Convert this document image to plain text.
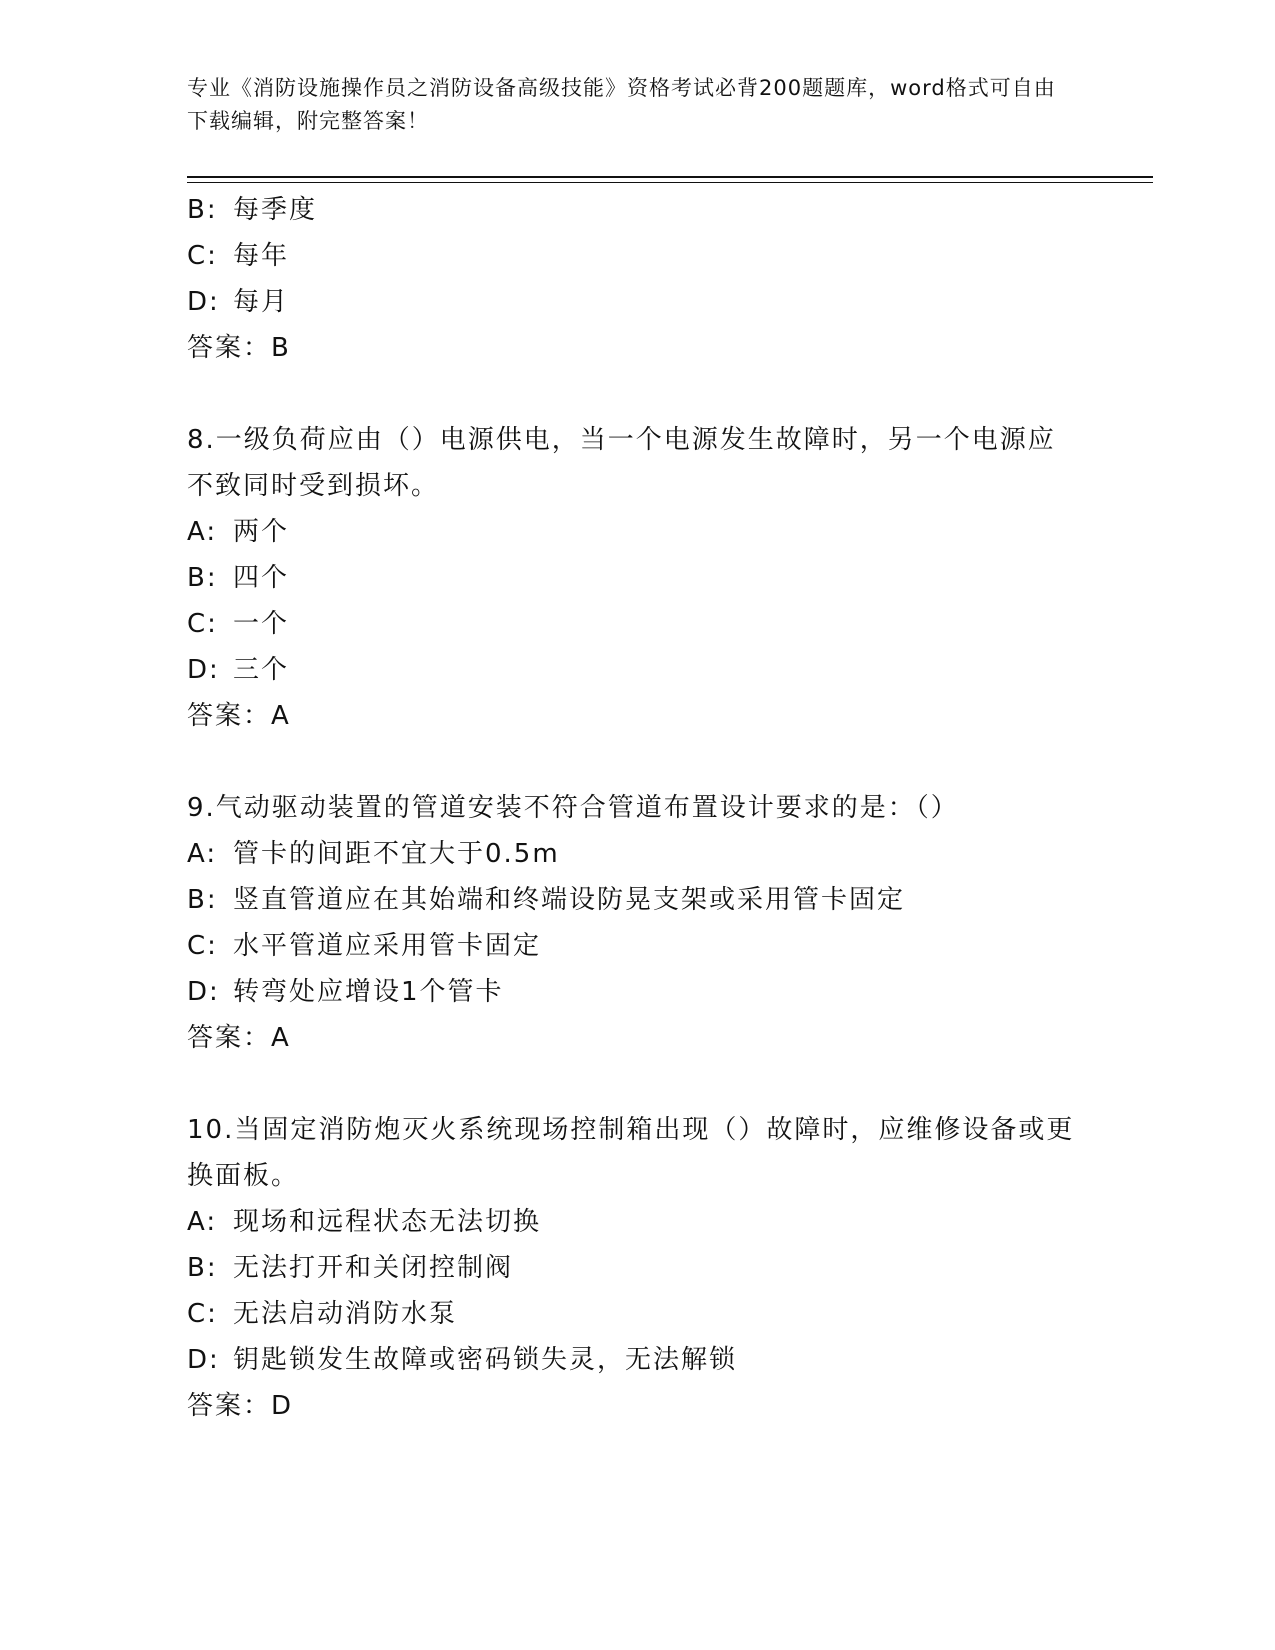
专业《消防设施操作员之消防设备高级技能》资格考试必背200题题库，word格式可自由下载编辑，附完整答案！
B: 每季度
C: 每年
D: 每月
答案：B
8.一级负荷应由（）电源供电，当一个电源发生故障时，另一个电源应不致同时受到损坏。
A: 两个
B: 四个
C: 一个
D: 三个
答案：A
9.气动驱动装置的管道安装不符合管道布置设计要求的是：（）
A: 管卡的间距不宜大于0.5m
B: 竖直管道应在其始端和终端设防晃支架或采用管卡固定
C: 水平管道应采用管卡固定
D: 转弯处应增设1个管卡
答案：A
10.当固定消防炮灭火系统现场控制箱出现（）故障时，应维修设备或更换面板。
A: 现场和远程状态无法切换
B: 无法打开和关闭控制阀
C: 无法启动消防水泵
D: 钥匙锁发生故障或密码锁失灵，无法解锁
答案：D
